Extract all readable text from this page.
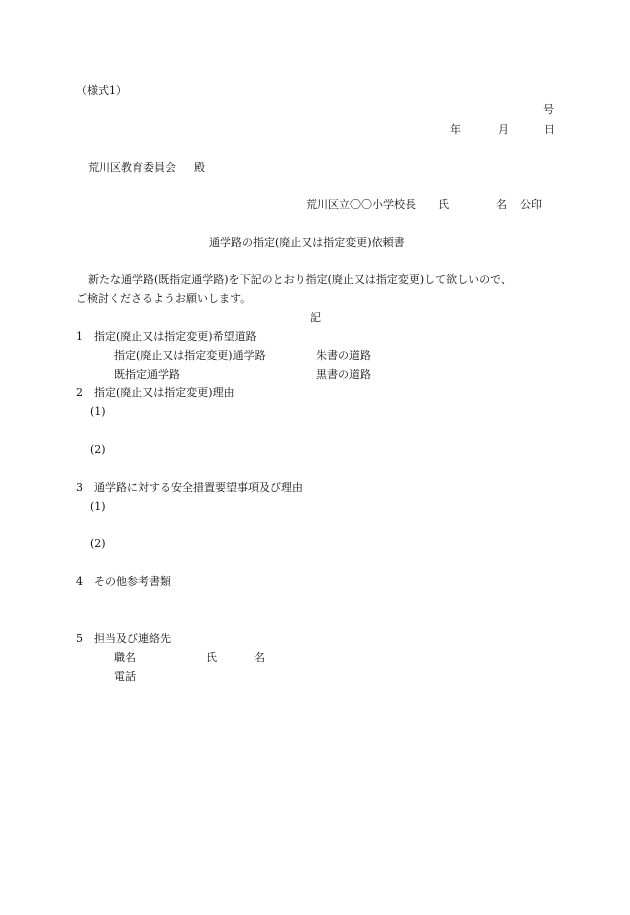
（様式1）

号

年	月	日

荒川区教育委員会 殿

荒川区立〇〇小学校長 氏	名 公印

通学路の指定(廃止又は指定変更)依頼書

新たな通学路(既指定通学路)を下記のとおり指定(廃止又は指定変更)して欲しいので、

ご検討くださるようお願いします。

記

1 指定(廃止又は指定変更)希望道路

指定(廃止又は指定変更)通学路	朱書の道路

既指定通学路	黒書の道路

2 指定(廃止又は指定変更)理由

(1)

(2)

3 通学路に対する安全措置要望事項及び理由

(1)

(2)

4 その他参考書類

5 担当及び連絡先

職名	氏	名

電話
